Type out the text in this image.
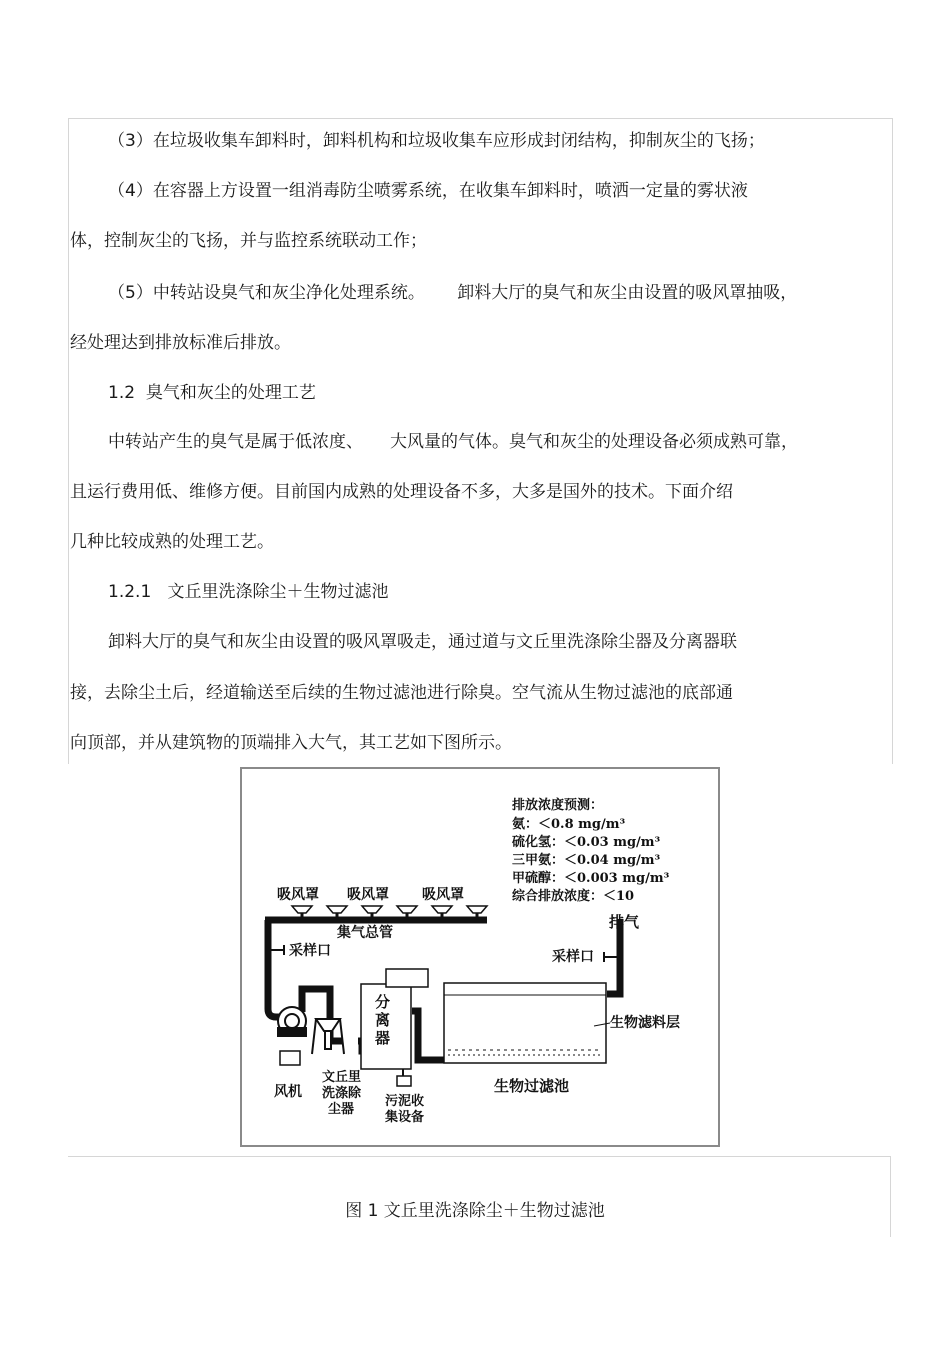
（3）在垃圾收集车卸料时，卸料机构和垃圾收集车应形成封闭结构，抑制灰尘的飞扬；
（4）在容器上方设置一组消毒防尘喷雾系统，在收集车卸料时，喷洒一定量的雾状液
体，控制灰尘的飞扬，并与监控系统联动工作；
（5）中转站设臭气和灰尘净化处理系统。      卸料大厅的臭气和灰尘由设置的吸风罩抽吸，
经处理达到排放标准后排放。
1.2  臭气和灰尘的处理工艺
中转站产生的臭气是属于低浓度、     大风量的气体。臭气和灰尘的处理设备必须成熟可靠，
且运行费用低、维修方便。目前国内成熟的处理设备不多，大多是国外的技术。下面介绍
几种比较成熟的处理工艺。
1.2.1   文丘里洗涤除尘＋生物过滤池
卸料大厅的臭气和灰尘由设置的吸风罩吸走，通过道与文丘里洗涤除尘器及分离器联
接，去除尘土后，经道输送至后续的生物过滤池进行除臭。空气流从生物过滤池的底部通
向顶部，并从建筑物的顶端排入大气，其工艺如下图所示。
排放浓度预测：
氨：＜0.8 mg/m³
硫化氢：＜0.03 mg/m³
三甲氨：＜0.04 mg/m³
甲硫醇：＜0.003 mg/m³
综合排放浓度：＜10
吸风罩 吸风罩 吸风罩
集气总管
采样口
排气
采样口
风机
文丘里
洗涤除
尘器
分
离
器
污泥收
集设备
生物滤料层
生物过滤池
图 1 文丘里洗涤除尘＋生物过滤池
